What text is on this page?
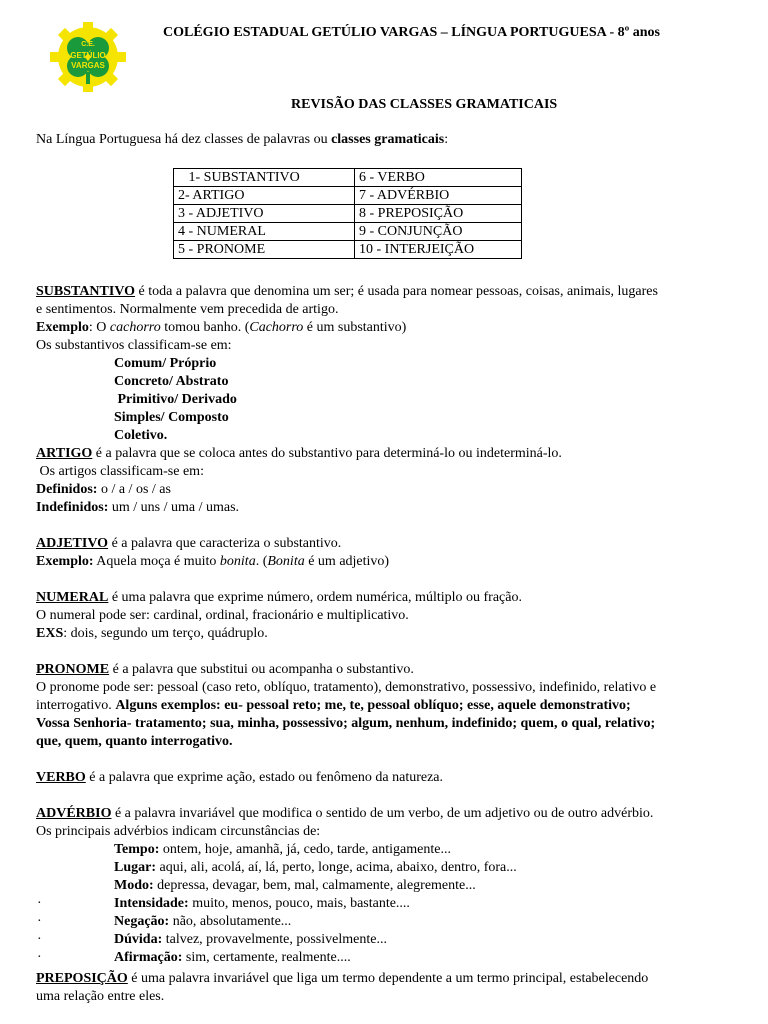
C.E.
GETÚLIO
VARGAS
COLÉGIO ESTADUAL GETÚLIO VARGAS – LÍNGUA PORTUGUESA - 8º anos
REVISÃO DAS CLASSES GRAMATICAIS
Na Língua Portuguesa há dez classes de palavras ou classes gramaticais:
1- SUBSTANTIVO	6 - VERBO
2- ARTIGO	7 - ADVÉRBIO
3 - ADJETIVO	8 - PREPOSIÇÃO
4 - NUMERAL	9 - CONJUNÇÃO
5 - PRONOME	10 - INTERJEIÇÃO
SUBSTANTIVO é toda a palavra que denomina um ser; é usada para nomear pessoas, coisas, animais, lugares
e sentimentos. Normalmente vem precedida de artigo.
Exemplo: O cachorro tomou banho. (Cachorro é um substantivo)
Os substantivos classificam-se em:
Comum/ Próprio
Concreto/ Abstrato
Primitivo/ Derivado
Simples/ Composto
Coletivo.
ARTIGO é a palavra que se coloca antes do substantivo para determiná-lo ou indeterminá-lo.
Os artigos classificam-se em:
Definidos: o / a / os / as
Indefinidos: um / uns / uma / umas.
ADJETIVO é a palavra que caracteriza o substantivo.
Exemplo: Aquela moça é muito bonita. (Bonita é um adjetivo)
NUMERAL é uma palavra que exprime número, ordem numérica, múltiplo ou fração.
O numeral pode ser: cardinal, ordinal, fracionário e multiplicativo.
EXS: dois, segundo um terço, quádruplo.
PRONOME é a palavra que substitui ou acompanha o substantivo.
O pronome pode ser: pessoal (caso reto, oblíquo, tratamento), demonstrativo, possessivo, indefinido, relativo e
interrogativo. Alguns exemplos: eu- pessoal reto; me, te, pessoal oblíquo; esse, aquele demonstrativo;
Vossa Senhoria- tratamento; sua, minha, possessivo; algum, nenhum, indefinido; quem, o qual, relativo;
que, quem, quanto interrogativo.
VERBO é a palavra que exprime ação, estado ou fenômeno da natureza.
ADVÉRBIO é a palavra invariável que modifica o sentido de um verbo, de um adjetivo ou de outro advérbio.
Os principais advérbios indicam circunstâncias de:
Tempo: ontem, hoje, amanhã, já, cedo, tarde, antigamente...
Lugar: aqui, ali, acolá, aí, lá, perto, longe, acima, abaixo, dentro, fora...
Modo: depressa, devagar, bem, mal, calmamente, alegremente...
·	Intensidade: muito, menos, pouco, mais, bastante....
·	Negação: não, absolutamente...
·	Dúvida: talvez, provavelmente, possivelmente...
·	Afirmação: sim, certamente, realmente....
PREPOSIÇÃO é uma palavra invariável que liga um termo dependente a um termo principal, estabelecendo
uma relação entre eles.
